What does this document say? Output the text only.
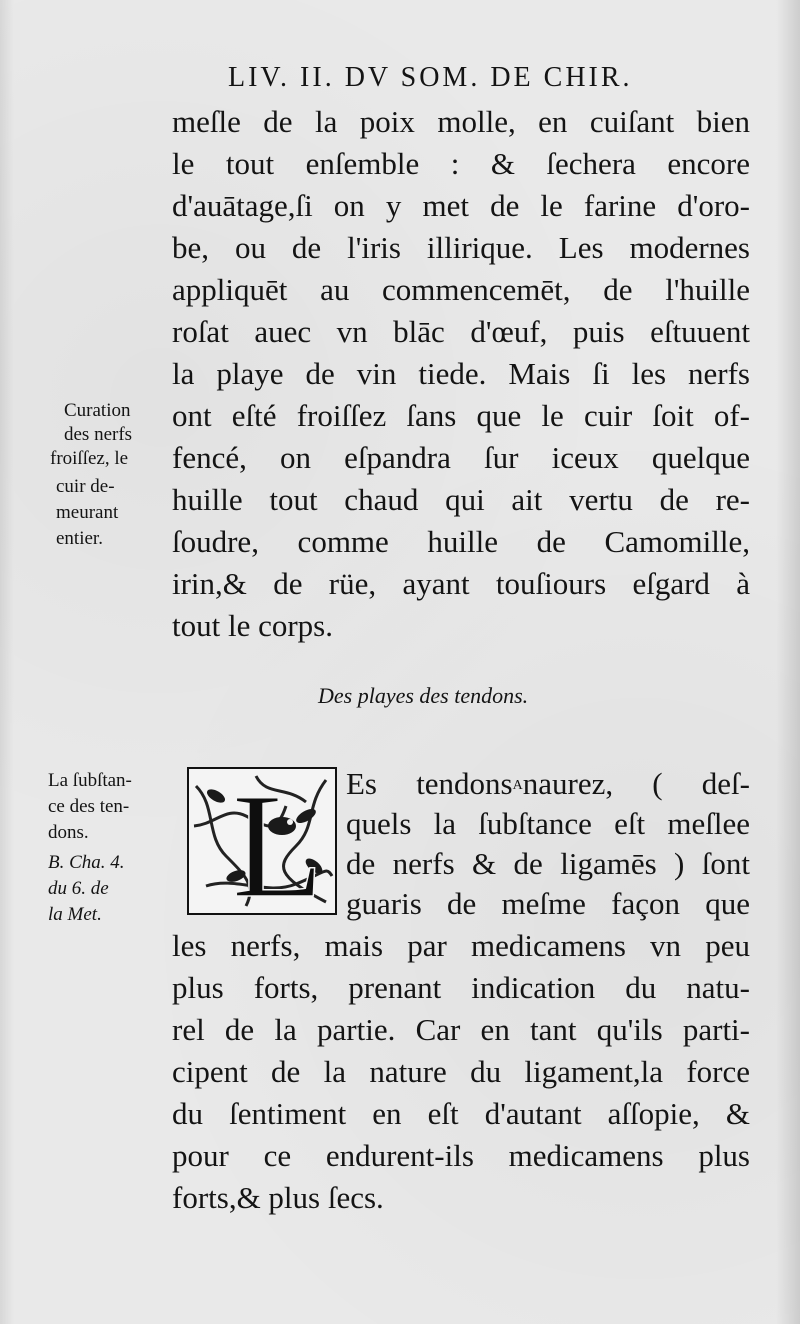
LIV. II. DV SOM. DE CHIR.
meſle de la poix molle, en cuiſant bien
le tout enſemble : & ſechera encore
d'auātage,ſi on y met de le farine d'oro-
be, ou de l'iris illirique. Les modernes
appliquēt au commencemēt, de l'huille
roſat auec vn blāc d'œuf, puis eſtuuent
la playe de vin tiede. Mais ſi les nerfs
ont eſté froiſſez ſans que le cuir ſoit of-
fencé, on eſpandra ſur iceux quelque
huille tout chaud qui ait vertu de re-
ſoudre, comme huille de Camomille,
irin,& de rüe, ayant touſiours eſgard à
tout le corps.
Curation
des nerfs
froiſſez, le
cuir de-
meurant
entier.
Des playes des tendons.
L Es tendons$^A$naurez, ( deſ-
quels la ſubſtance eſt meſlee
de nerfs & de ligamēs ) ſont
guaris de meſme façon que
les nerfs, mais par medicamens vn peu
plus forts, prenant indication du natu-
rel de la partie. Car en tant qu'ils parti-
cipent de la nature du ligament,la force
du ſentiment en eſt d'autant aſſopie, &
pour ce endurent-ils medicamens plus
forts,& plus ſecs.
La ſubſtan-
ce des ten-
dons.
B. Cha. 4.
du 6. de
la Met.
